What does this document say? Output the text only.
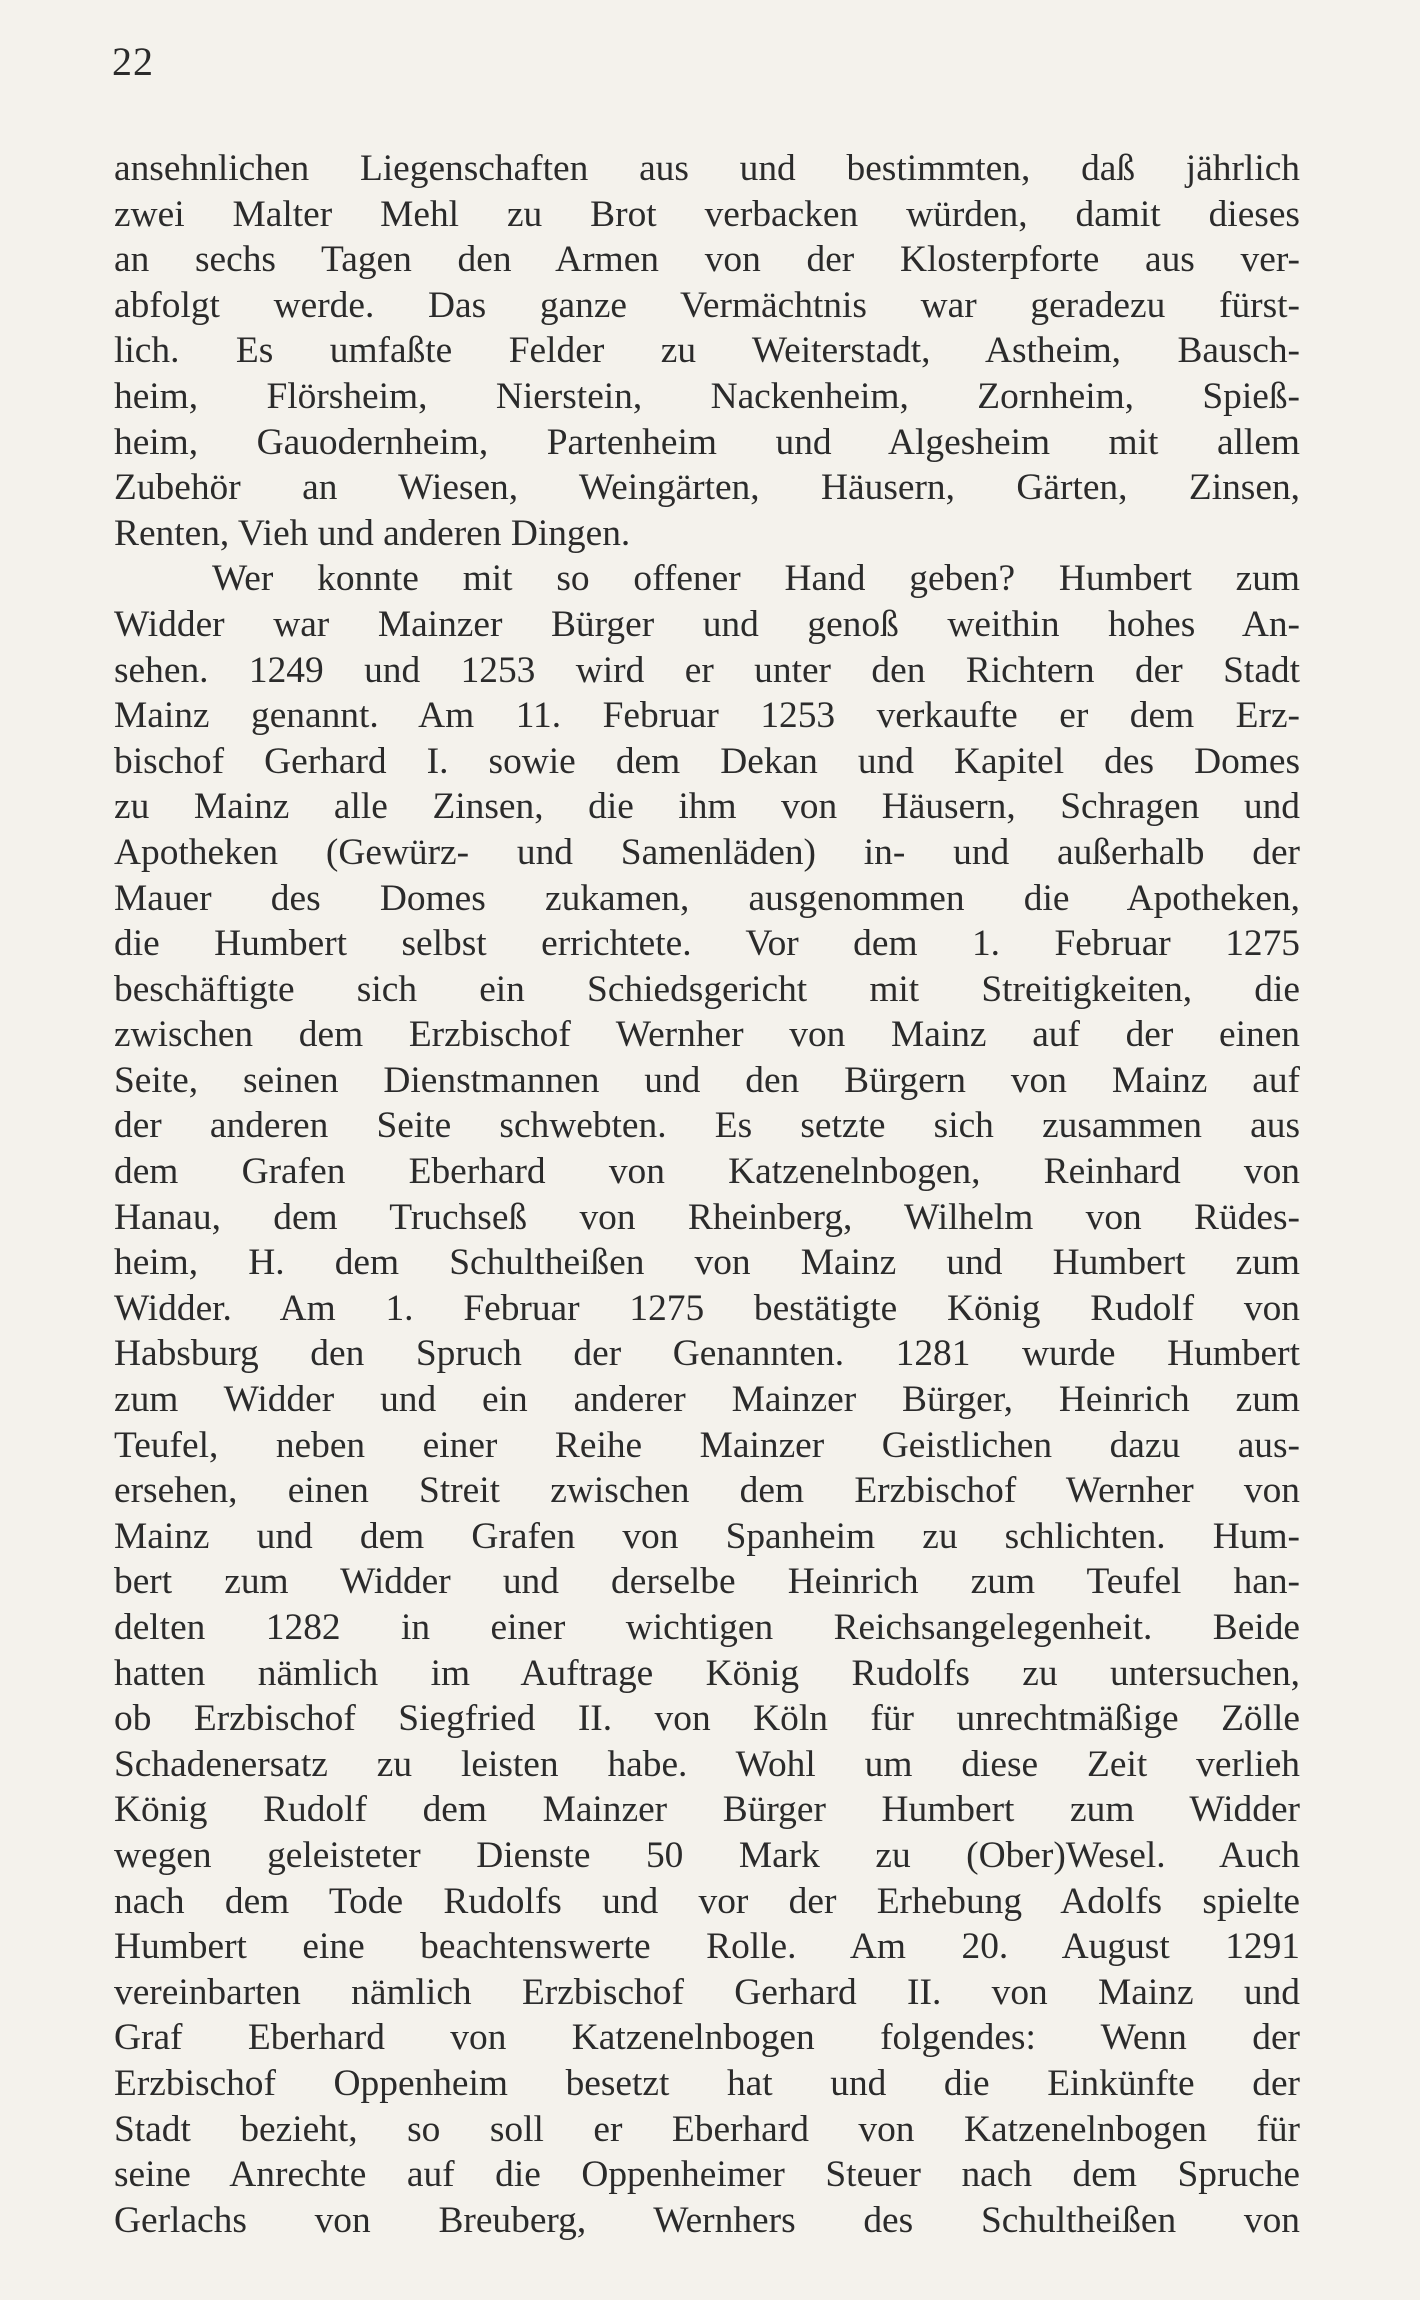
22
ansehnlichen Liegenschaften aus und bestimmten, daß jährlich
zwei Malter Mehl zu Brot verbacken würden, damit dieses
an sechs Tagen den Armen von der Klosterpforte aus ver-
abfolgt werde. Das ganze Vermächtnis war geradezu fürst-
lich. Es umfaßte Felder zu Weiterstadt, Astheim, Bausch-
heim, Flörsheim, Nierstein, Nackenheim, Zornheim, Spieß-
heim, Gauodernheim, Partenheim und Algesheim mit allem
Zubehör an Wiesen, Weingärten, Häusern, Gärten, Zinsen,
Renten, Vieh und anderen Dingen.
Wer konnte mit so offener Hand geben? Humbert zum
Widder war Mainzer Bürger und genoß weithin hohes An-
sehen. 1249 und 1253 wird er unter den Richtern der Stadt
Mainz genannt. Am 11. Februar 1253 verkaufte er dem Erz-
bischof Gerhard I. sowie dem Dekan und Kapitel des Domes
zu Mainz alle Zinsen, die ihm von Häusern, Schragen und
Apotheken (Gewürz- und Samenläden) in- und außerhalb der
Mauer des Domes zukamen, ausgenommen die Apotheken,
die Humbert selbst errichtete. Vor dem 1. Februar 1275
beschäftigte sich ein Schiedsgericht mit Streitigkeiten, die
zwischen dem Erzbischof Wernher von Mainz auf der einen
Seite, seinen Dienstmannen und den Bürgern von Mainz auf
der anderen Seite schwebten. Es setzte sich zusammen aus
dem Grafen Eberhard von Katzenelnbogen, Reinhard von
Hanau, dem Truchseß von Rheinberg, Wilhelm von Rüdes-
heim, H. dem Schultheißen von Mainz und Humbert zum
Widder. Am 1. Februar 1275 bestätigte König Rudolf von
Habsburg den Spruch der Genannten. 1281 wurde Humbert
zum Widder und ein anderer Mainzer Bürger, Heinrich zum
Teufel, neben einer Reihe Mainzer Geistlichen dazu aus-
ersehen, einen Streit zwischen dem Erzbischof Wernher von
Mainz und dem Grafen von Spanheim zu schlichten. Hum-
bert zum Widder und derselbe Heinrich zum Teufel han-
delten 1282 in einer wichtigen Reichsangelegenheit. Beide
hatten nämlich im Auftrage König Rudolfs zu untersuchen,
ob Erzbischof Siegfried II. von Köln für unrechtmäßige Zölle
Schadenersatz zu leisten habe. Wohl um diese Zeit verlieh
König Rudolf dem Mainzer Bürger Humbert zum Widder
wegen geleisteter Dienste 50 Mark zu (Ober)Wesel. Auch
nach dem Tode Rudolfs und vor der Erhebung Adolfs spielte
Humbert eine beachtenswerte Rolle. Am 20. August 1291
vereinbarten nämlich Erzbischof Gerhard II. von Mainz und
Graf Eberhard von Katzenelnbogen folgendes: Wenn der
Erzbischof Oppenheim besetzt hat und die Einkünfte der
Stadt bezieht, so soll er Eberhard von Katzenelnbogen für
seine Anrechte auf die Oppenheimer Steuer nach dem Spruche
Gerlachs von Breuberg, Wernhers des Schultheißen von
